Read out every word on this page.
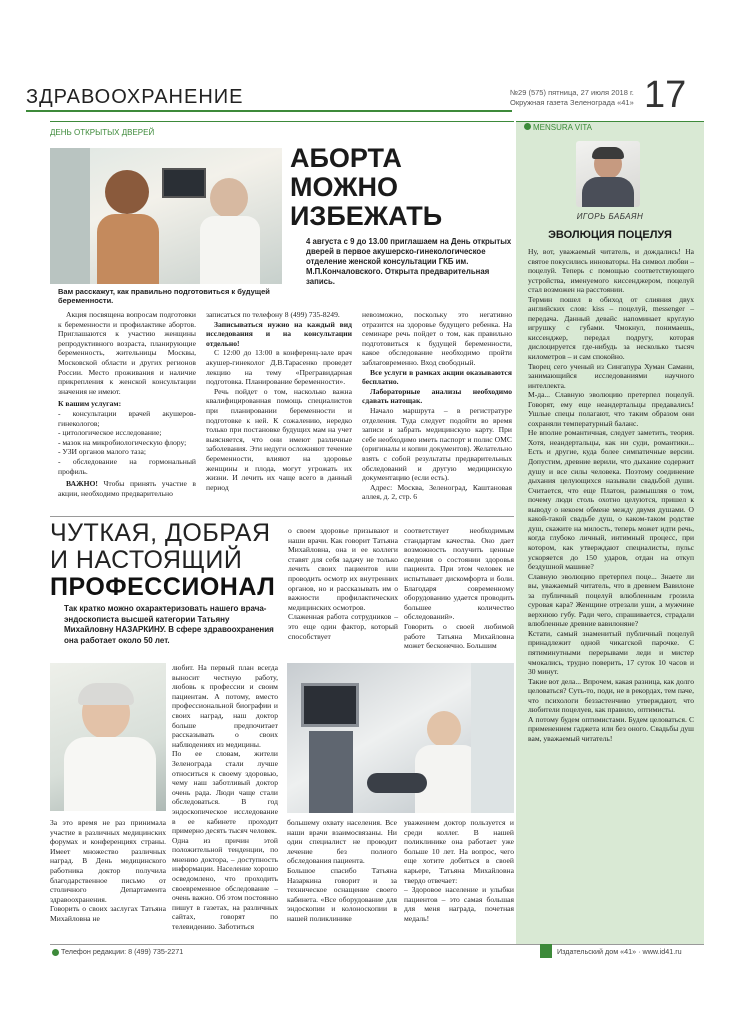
ЗДРАВООХРАНЕНИЕ	№29 (575) пятница, 27 июля 2018 г.
Окружная газета Зеленограда «41» 17
ДЕНЬ ОТКРЫТЫХ ДВЕРЕЙ
Вам расскажут, как правильно подготовиться к будущей беременности.
АБОРТА МОЖНО ИЗБЕЖАТЬ
4 августа с 9 до 13.00 приглашаем на День открытых дверей в первое акушерско-гинекологическое отделение женской консультации ГКБ им. М.П.Кончаловского. Открыта предварительная запись.

Акция посвящена вопросам подготовки к беременности и профилактике абортов. Приглашаются к участию женщины репродуктивного возраста, планирующие беременность, жительницы Москвы, Московской области и других регионов России. Место проживания и наличие прикрепления к женской консультации значения не имеют.

К вашим услугам:

- консультации врачей акушеров-гинекологов;

- цитологическое исследование;

- мазок на микробиологическую флору;

- УЗИ органов малого таза;

- обследование на гормональный профиль.

ВАЖНО! Чтобы принять участие в акции, необходимо предварительно

записаться по телефону 8 (499) 735-8249.

Записываться нужно на каждый вид исследования и на консультации отдельно!

С 12:00 до 13:00 в конференц-зале врач акушер-гинеколог Д.В.Тарасенко проведет лекцию на тему «Прегравидарная подготовка. Планирование беременности».

Речь пойдет о том, насколько важна квалифицированная помощь специалистов при планировании беременности и подготовке к ней. К сожалению, нередко только при постановке будущих мам на учет выясняется, что они имеют различные заболевания. Эти недуги осложняют течение беременности, влияют на здоровье женщины и плода, могут угрожать их жизни. И лечить их чаще всего в данный период

невозможно, поскольку это негативно отразится на здоровье будущего ребенка. На семинаре речь пойдет о том, как правильно подготовиться к будущей беременности, какое обследование необходимо пройти заблаговременно. Вход свободный.

Все услуги в рамках акции оказываются бесплатно.

Лабораторные анализы необходимо сдавать натощак.

Начало маршрута – в регистратуре отделения. Туда следует подойти во время записи и забрать медицинскую карту. При себе необходимо иметь паспорт и полис ОМС (оригиналы и копии документов). Желательно взять с собой результаты предварительных обследований и другую медицинскую документацию (если есть).

Адрес: Москва, Зеленоград, Каштановая аллея, д. 2, стр. 6

ЧУТКАЯ, ДОБРАЯ
И НАСТОЯЩИЙ
ПРОФЕССИОНАЛ
Так кратко можно охарактеризовать нашего врача-эндоскописта высшей категории Татьяну Михайловну НАЗАРКИНУ. В сфере здравоохранения она работает около 50 лет.
о своем здоровье призывают и наши врачи. Как говорит Татьяна Михайловна, она и ее коллеги ставят для себя задачу не только лечить своих пациентов или проводить осмотр их внутренних органов, но и рассказывать им о важности профилактических медицинских осмотров.
Слаженная работа сотрудников – это еще один фактор, который способствует
соответствует необходимым стандартам качества. Оно дает возможность получить ценные сведения о состоянии здоровья пациента. При этом человек не испытывает дискомфорта и боли. Благодаря современному оборудованию удается проводить большее количество обследований».
Говорить о своей любимой работе Татьяна Михайловна может бесконечно. Большим
За это время не раз принимала участие в различных медицинских форумах и конференциях страны. Имеет множество различных наград. В День медицинского работника доктор получила благодарственное письмо от столичного Департамента здравоохранения.
Говорить о своих заслугах Татьяна Михайловна не
любит. На первый план всегда выносит честную работу, любовь к профессии и своим пациентам. А потому, вместо профессиональной биографии и своих наград, наш доктор больше предпочитает рассказывать о своих наблюдениях из медицины.
По ее словам, жители Зеленограда стали лучше относиться к своему здоровью, чему наш заботливый доктор очень рада. Люди чаще стали обследоваться. В год эндоскопическое исследование в ее кабинете проходит примерно десять тысяч человек.
Одна из причин этой положительной тенденции, по мнению доктора, – доступность информации. Население хорошо осведомлено, что проходить своевременное обследование – очень важно. Об этом постоянно пишут в газетах, на различных сайтах, говорят по телевидению. Заботиться
большему охвату населения. Все наши врачи взаимосвязаны. Ни один специалист не проводит лечение без полного обследования пациента.
Большое спасибо Татьяна Назаркина говорит и за техническое оснащение своего кабинета. «Все оборудование для эндоскопии и колоноскопии в нашей поликлинике
уважением доктор пользуется и среди коллег. В нашей поликлинике она работает уже больше 10 лет. На вопрос, чего еще хотите добиться в своей карьере, Татьяна Михайловна твердо отвечает:
– Здоровое население и улыбки пациентов – это самая большая для меня награда, почетная медаль!
MENSURA VITA
ИГОРЬ БАБАЯН
ЭВОЛЮЦИЯ ПОЦЕЛУЯ
Ну, вот, уважаемый читатель, и дождались! На святое покусились инноваторы. На символ любви – поцелуй. Теперь с помощью соответствующего устройства, именуемого киссенджером, поцелуй стал возможен на расстоянии.
Термин пошел в обиход от слияния двух английских слов: kiss – поцелуй, messenger – передача. Данный девайс напоминает круглую игрушку с губами. Чмокнул, понимаешь, киссенджер, передал подругу, которая дислоцируется где-нибудь за несколько тысяч километров – и сам спокойно.
Творец сего ученый из Сингапура Хуман Самани, занимающийся исследованиями научного интеллекта.
М-да... Славную эволюцию претерпел поцелуй. Говорят, ему еще неандертальцы предавались! Ушлые спецы полагают, что таким образом они сохраняли температурный баланс.
Не вполне романтичная, следует заметить, теория. Хотя, неандертальцы, как ни суди, романтики... Есть и другие, куда более симпатичные версии. Допустим, древние верили, что дыхание содержит душу и все силы человека. Поэтому соединение дыхания целующихся называли свадьбой души. Считается, что еще Платон, размышляя о том, почему люди столь охотно целуются, пришел к выводу о некоем обмене между двумя душами. О какой-такой свадьбе душ, о каком-таком родстве душ, скажите на милость, теперь может идти речь, когда глубоко личный, интимный процесс, при котором, как утверждают специалисты, пульс ускоряется до 150 ударов, отдан на откуп бездушной машине?
Славную эволюцию претерпел поце... Знаете ли вы, уважаемый читатель, что в древнем Вавилоне за публичный поцелуй влюбленным грозила суровая кара? Женщине отрезали уши, а мужчине верхнюю губу. Ради чего, спрашивается, страдали влюбленные древние вавилоняне?
Кстати, самый знаменитый публичный поцелуй принадлежит одной чикагской парочке. С пятиминутными перерывами леди и мистер чмокались, трудно поверить, 17 суток 10 часов и 30 минут.
Такие вот дела... Впрочем, какая разница, как долго целоваться? Суть-то, поди, не в рекордах, тем паче, что психологи беззастенчиво утверждают, что любители поцелуев, как правило, оптимисты.
А потому будем оптимистами. Будем целоваться. С применением гаджета или без оного. Свадьбы душ вам, уважаемый читатель!
Телефон редакции: 8 (499) 735-2271	Издательский дом «41» · www.id41.ru
